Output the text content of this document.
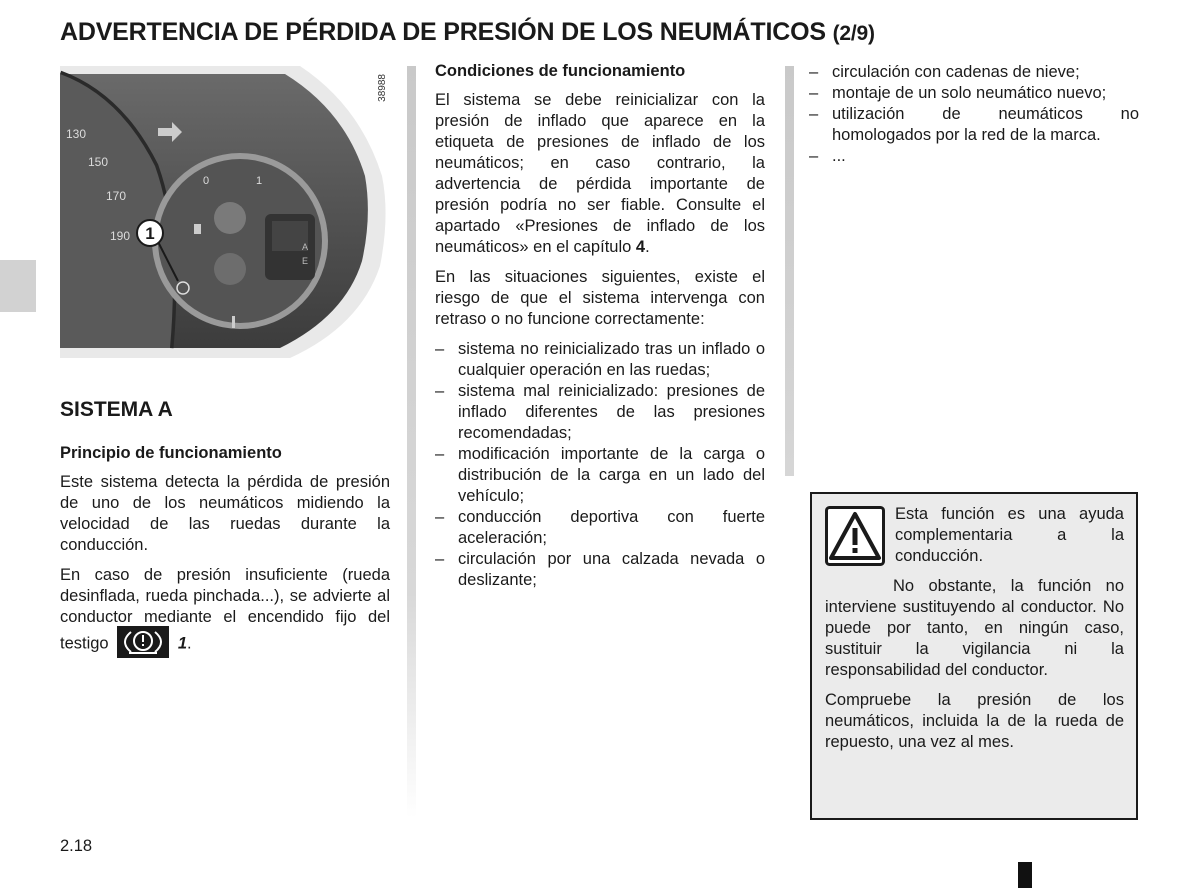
ADVERTENCIA DE PÉRDIDA DE PRESIÓN DE LOS NEUMÁTICOS (2/9)
1
130
150
170
190
0	1
A
E
38988
SISTEMA A
Principio de funcionamiento

Este sistema detecta la pérdida de presión de uno de los neumáticos midiendo la velocidad de las ruedas durante la conducción.

En caso de presión insuficiente (rueda desinflada, rueda pinchada...), se advierte al conductor mediante el encendido fijo del testigo	1.

Condiciones de funcionamiento

El sistema se debe reinicializar con la presión de inflado que aparece en la etiqueta de presiones de inflado de los neumáticos; en caso contrario, la advertencia de pérdida importante de presión podría no ser fiable. Consulte el apartado «Presiones de inflado de los neumáticos» en el capítulo 4.

En las situaciones siguientes, existe el riesgo de que el sistema intervenga con retraso o no funcione correctamente:

– sistema no reinicializado tras un inflado o cualquier operación en las ruedas;
– sistema mal reinicializado: presiones de inflado diferentes de las presiones recomendadas;
– modificación importante de la carga o distribución de la carga en un lado del vehículo;
– conducción deportiva con fuerte aceleración;
– circulación por una calzada nevada o deslizante;
– circulación con cadenas de nieve;
– montaje de un solo neumático nuevo;
– utilización de neumáticos no homologados por la red de la marca.
– ...

Esta función es una ayuda complementaria a la conducción.

No obstante, la función no interviene sustituyendo al conductor. No puede por tanto, en ningún caso, sustituir la vigilancia ni la responsabilidad del conductor.

Compruebe la presión de los neumáticos, incluida la de la rueda de repuesto, una vez al mes.

2.18
